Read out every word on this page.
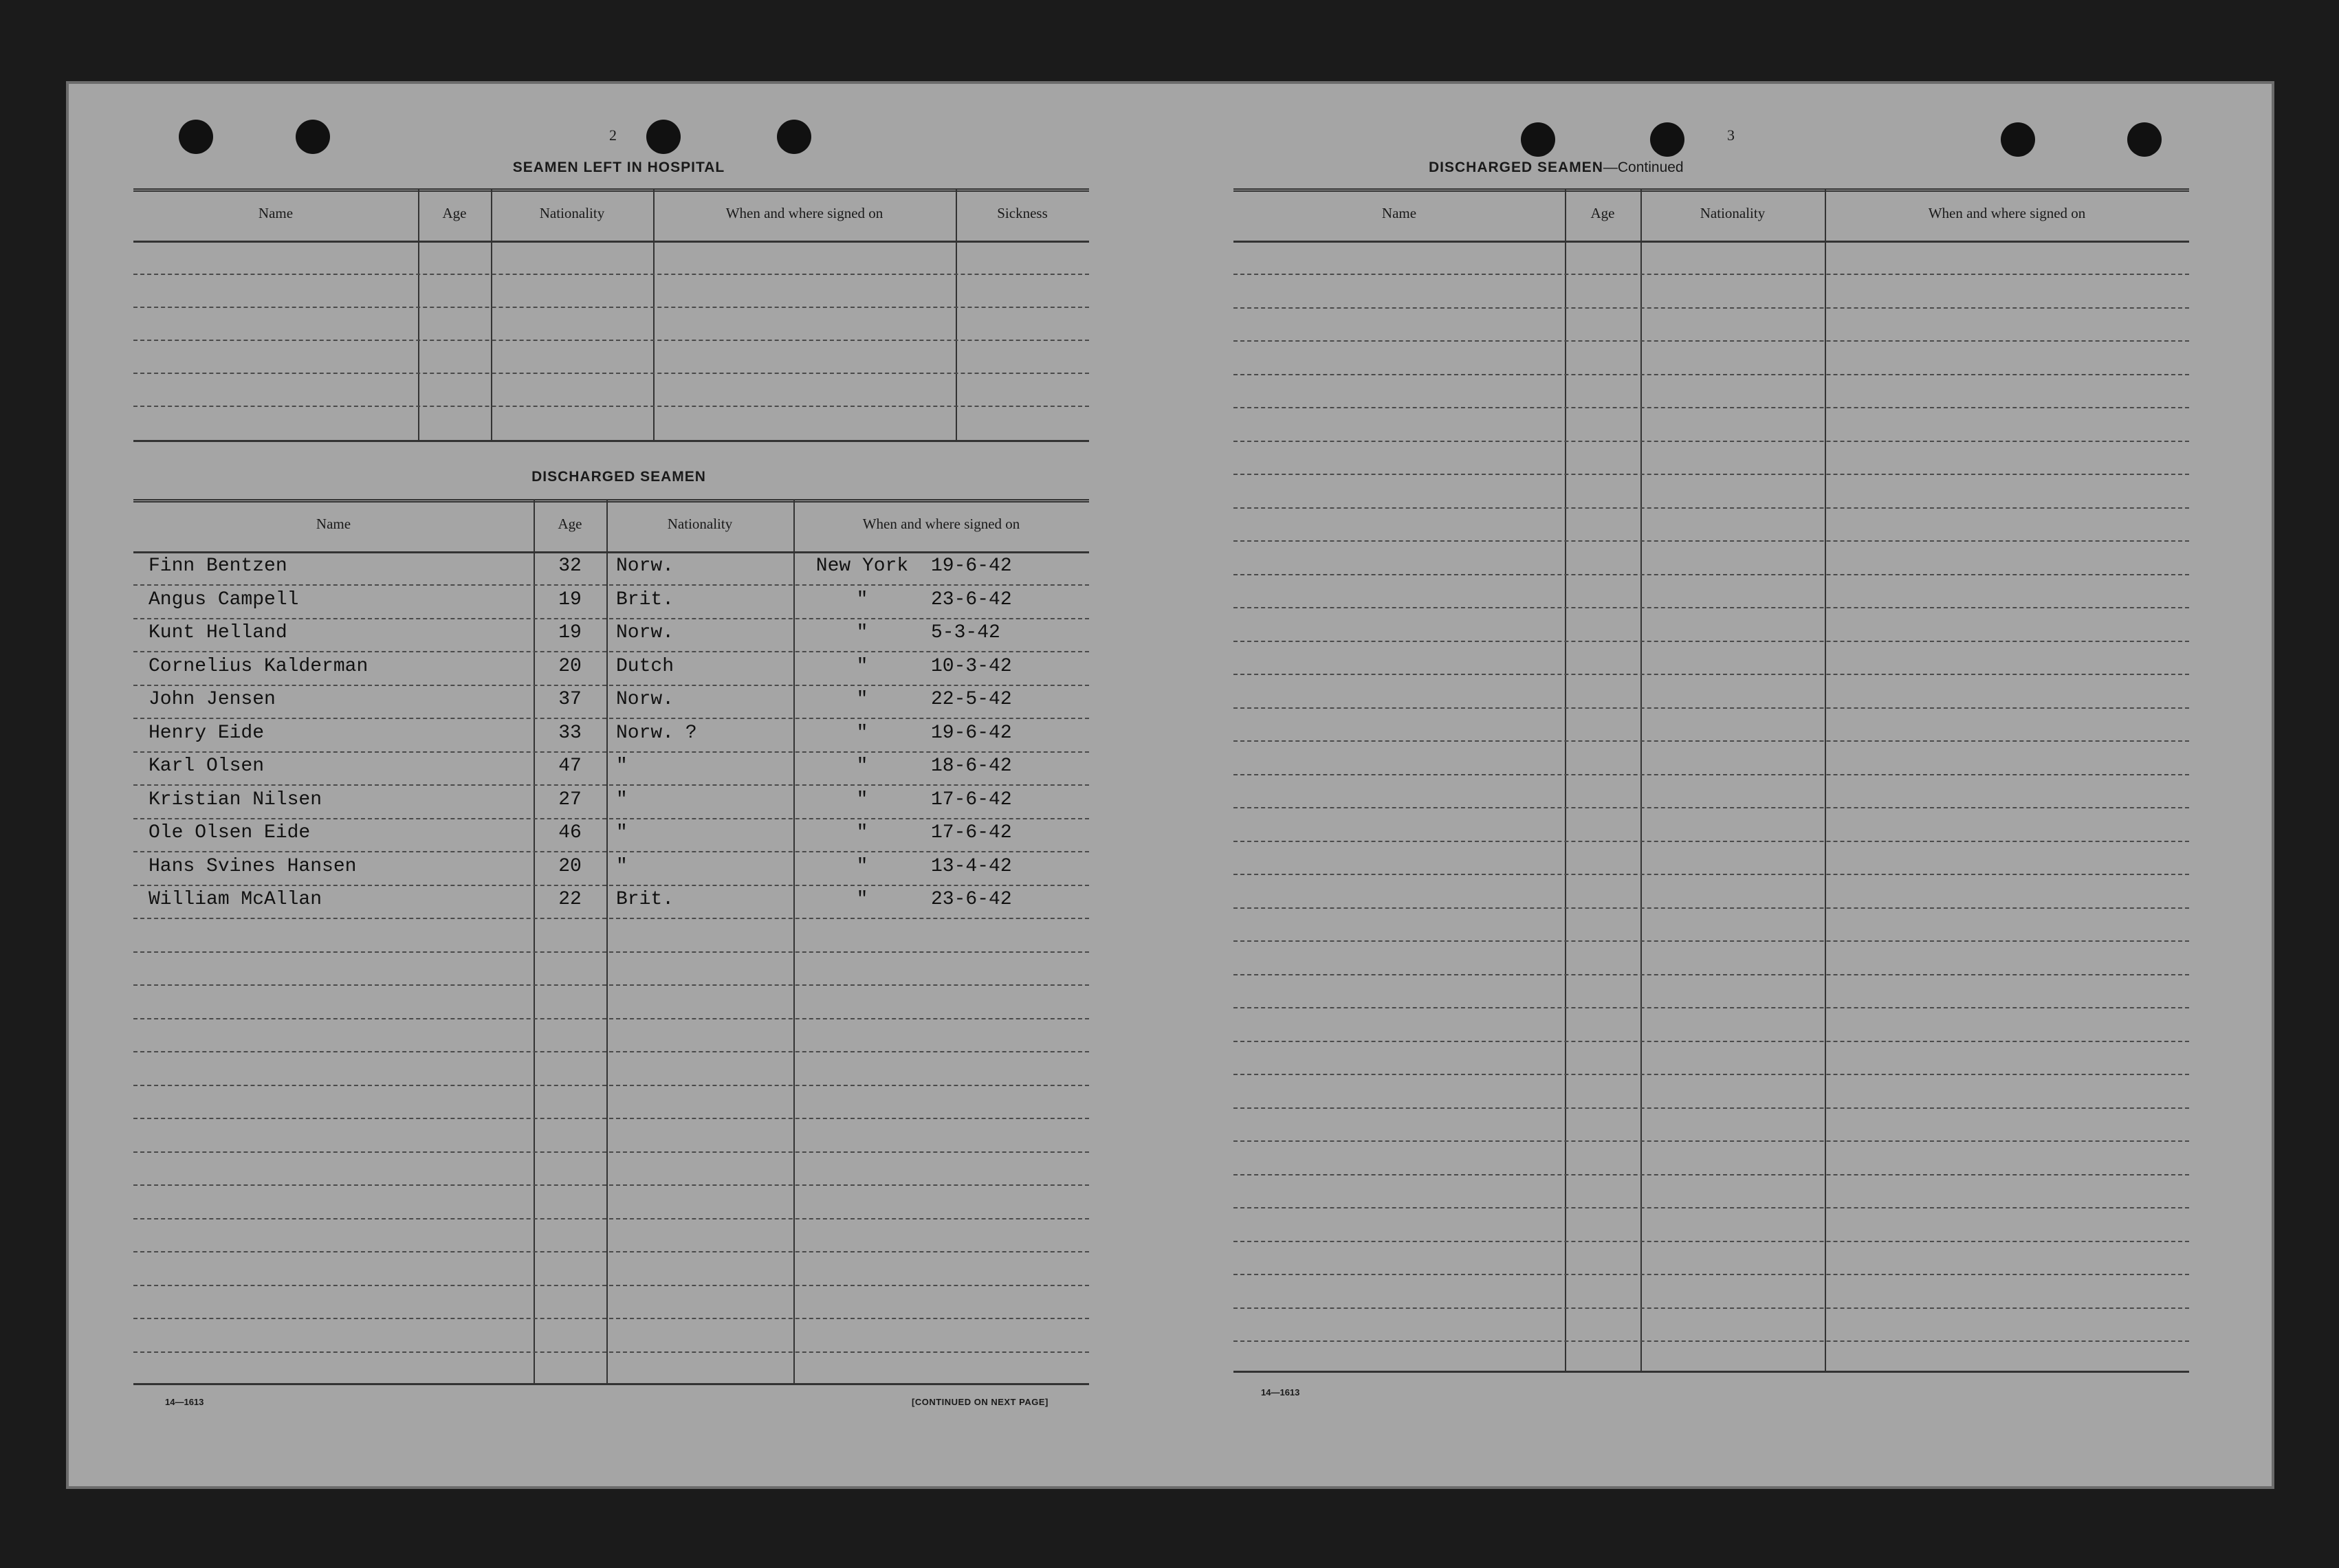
2
SEAMEN LEFT IN HOSPITAL
Name	Age	Nationality	When and where signed on	Sickness
DISCHARGED SEAMEN
Name	Age	Nationality	When and where signed on
Finn Bentzen	32	Norw.	New York	19-6-42
Angus Campell	19	Brit.	"	23-6-42
Kunt Helland	19	Norw.	"	5-3-42
Cornelius Kalderman	20	Dutch	"	10-3-42
John Jensen	37	Norw.	"	22-5-42
Henry Eide	33	Norw. ?	"	19-6-42
Karl Olsen	47	"	"	18-6-42
Kristian Nilsen	27	"	"	17-6-42
Ole Olsen Eide	46	"	"	17-6-42
Hans Svines Hansen	20	"	"	13-4-42
William McAllan	22	Brit.	"	23-6-42
14—1613	[CONTINUED ON NEXT PAGE]
3
DISCHARGED SEAMEN—Continued
Name	Age	Nationality	When and where signed on
14—1613
